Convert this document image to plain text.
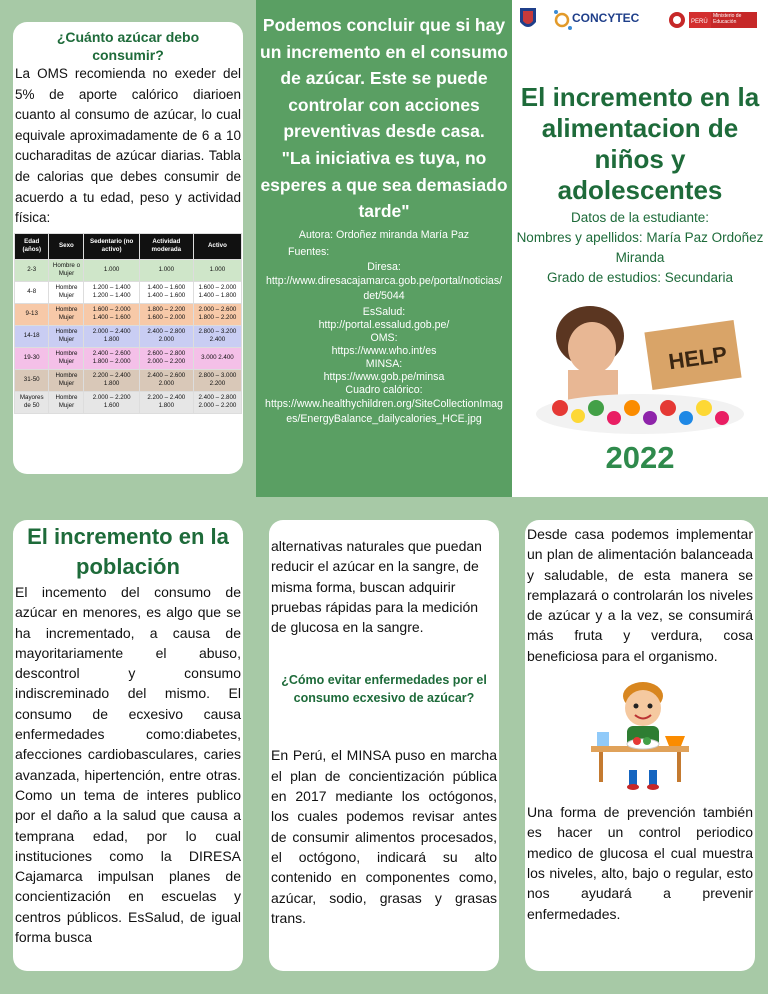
¿Cuánto azúcar debo consumir?
La OMS recomienda no exeder del 5% de aporte calórico diarioen cuanto al consumo de azúcar, lo cual equivale aproximadamente de 6 a 10 cucharaditas de azúcar diarias. Tabla de calorias que debes consumir de acuerdo a tu edad, peso y actividad física:
Edad (años)	Sexo	Sedentario (no activo)	Actividad moderada	Activo
2-3	Hombre o Mujer	1.000	1.000	1.000
4-8	Hombre Mujer	1.200 – 1.400 1.200 – 1.400	1.400 – 1.600 1.400 – 1.600	1.600 – 2.000 1.400 – 1.800
9-13	Hombre Mujer	1.600 – 2.000 1.400 – 1.600	1.800 – 2.200 1.600 – 2.000	2.000 – 2.600 1.800 – 2.200
14-18	Hombre Mujer	2.000 – 2.400 1.800	2.400 – 2.800 2.000	2.800 – 3.200 2.400
19-30	Hombre Mujer	2.400 – 2.600 1.800 – 2.000	2.600 – 2.800 2.000 – 2.200	3.000 2.400
31-50	Hombre Mujer	2.200 – 2.400 1.800	2.400 – 2.600 2.000	2.800 – 3.000 2.200
Mayores de 50	Hombre Mujer	2.000 – 2.200 1.600	2.200 – 2.400 1.800	2.400 – 2.800 2.000 – 2.200
Podemos concluir que si hay un incremento en el consumo de azúcar. Este se puede controlar con acciones preventivas desde casa.
"La iniciativa es tuya, no esperes a que sea demasiado tarde"
Autora: Ordoñez miranda María Paz
Fuentes:
Diresa:
http://www.diresacajamarca.gob.pe/portal/noticias/det/5044
EsSalud:
http://portal.essalud.gob.pe/
OMS:
https://www.who.int/es
MINSA:
https://www.gob.pe/minsa
Cuadro calórico:
https://www.healthychildren.org/SiteCollectionImages/EnergyBalance_dailycalories_HCE.jpg
CONCYTEC	PERÚ
Ministerio de Educación
El incremento en la alimentacion de niños y adolescentes
Datos de la estudiante:
Nombres y apellidos: María Paz Ordoñez Miranda
Grado de estudios: Secundaria
HELP
2022
El incremento en la población
El incemento del consumo de azúcar en menores, es algo que se ha incrementado, a causa de mayoritariamente el abuso, descontrol y consumo indiscreminado del mismo. El consumo de ecxesivo causa enfermedades como:diabetes, afecciones cardiobasculares, caries avanzada, hipertención, entre otras. Como un tema de interes publico por el daño a la salud que causa a temprana edad, por lo cual instituciones como la DIRESA Cajamarca impulsan planes de concientización en escuelas y centros públicos. EsSalud, de igual forma busca
alternativas naturales que puedan reducir el azúcar en la sangre, de misma forma, buscan adquirir pruebas rápidas para la medición de glucosa en la sangre.
¿Cómo evitar enfermedades por el consumo ecxesivo de azúcar?
En Perú, el MINSA puso en marcha el plan de concientización pública en 2017 mediante los octógonos, los cuales podemos revisar antes de consumir alimentos procesados, el octógono, indicará su alto contenido en componentes como, azúcar, sodio, grasas y grasas trans.
Desde casa podemos implementar un plan de alimentación balanceada y saludable, de esta manera se remplazará o controlarán los niveles de azúcar y a la vez, se consumirá más fruta y verdura, cosa beneficiosa para el organismo.
Una forma de prevención también es hacer un control periodico medico de glucosa el cual muestra los niveles, alto, bajo o regular, esto nos ayudará a prevenir enfermedades.
